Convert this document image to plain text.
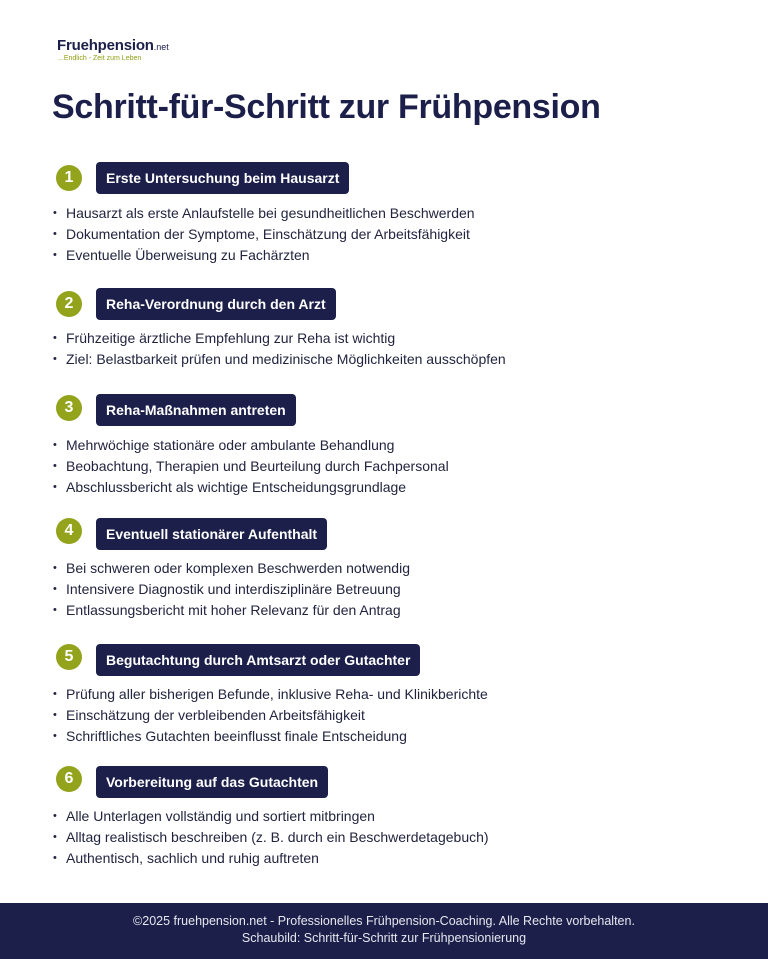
Fruehpension.net
...Endlich - Zeit zum Leben
Schritt-für-Schritt zur Frühpension
1	Erste Untersuchung beim Hausarzt
• Hausarzt als erste Anlaufstelle bei gesundheitlichen Beschwerden
• Dokumentation der Symptome, Einschätzung der Arbeitsfähigkeit
• Eventuelle Überweisung zu Fachärzten
2	Reha-Verordnung durch den Arzt
• Frühzeitige ärztliche Empfehlung zur Reha ist wichtig
• Ziel: Belastbarkeit prüfen und medizinische Möglichkeiten ausschöpfen
3	Reha-Maßnahmen antreten
• Mehrwöchige stationäre oder ambulante Behandlung
• Beobachtung, Therapien und Beurteilung durch Fachpersonal
• Abschlussbericht als wichtige Entscheidungsgrundlage
4	Eventuell stationärer Aufenthalt
• Bei schweren oder komplexen Beschwerden notwendig
• Intensivere Diagnostik und interdisziplinäre Betreuung
• Entlassungsbericht mit hoher Relevanz für den Antrag
5	Begutachtung durch Amtsarzt oder Gutachter
• Prüfung aller bisherigen Befunde, inklusive Reha- und Klinikberichte
• Einschätzung der verbleibenden Arbeitsfähigkeit
• Schriftliches Gutachten beeinflusst finale Entscheidung
6	Vorbereitung auf das Gutachten
• Alle Unterlagen vollständig und sortiert mitbringen
• Alltag realistisch beschreiben (z. B. durch ein Beschwerdetagebuch)
• Authentisch, sachlich und ruhig auftreten
©2025 fruehpension.net - Professionelles Frühpension-Coaching. Alle Rechte vorbehalten.
Schaubild: Schritt-für-Schritt zur Frühpensionierung
